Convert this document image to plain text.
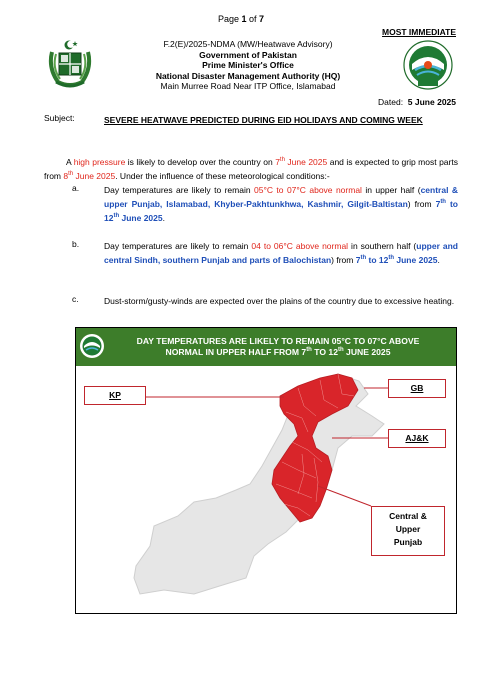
Page 1 of 7
MOST IMMEDIATE
F.2(E)/2025-NDMA (MW/Heatwave Advisory)
Government of Pakistan
Prime Minister's Office
National Disaster Management Authority (HQ)
Main Murree Road Near ITP Office, Islamabad
Dated: 5 June 2025
Subject:	SEVERE HEATWAVE PREDICTED DURING EID HOLIDAYS AND COMING WEEK
A high pressure is likely to develop over the country on 7th June 2025 and is expected to grip most parts from 8th June 2025. Under the influence of these meteorological conditions:-
a.	Day temperatures are likely to remain 05°C to 07°C above normal in upper half (central & upper Punjab, Islamabad, Khyber-Pakhtunkhwa, Kashmir, Gilgit-Baltistan) from 7th to 12th June 2025.
b.	Day temperatures are likely to remain 04 to 06°C above normal in southern half (upper and central Sindh, southern Punjab and parts of Balochistan) from 7th to 12th June 2025.
c.	Dust-storm/gusty-winds are expected over the plains of the country due to excessive heating.
DAY TEMPERATURES ARE LIKELY TO REMAIN 05°C TO 07°C ABOVE
NORMAL IN UPPER HALF FROM 7th TO 12th JUNE 2025
KP
GB
AJ&K
Central &
Upper
Punjab
